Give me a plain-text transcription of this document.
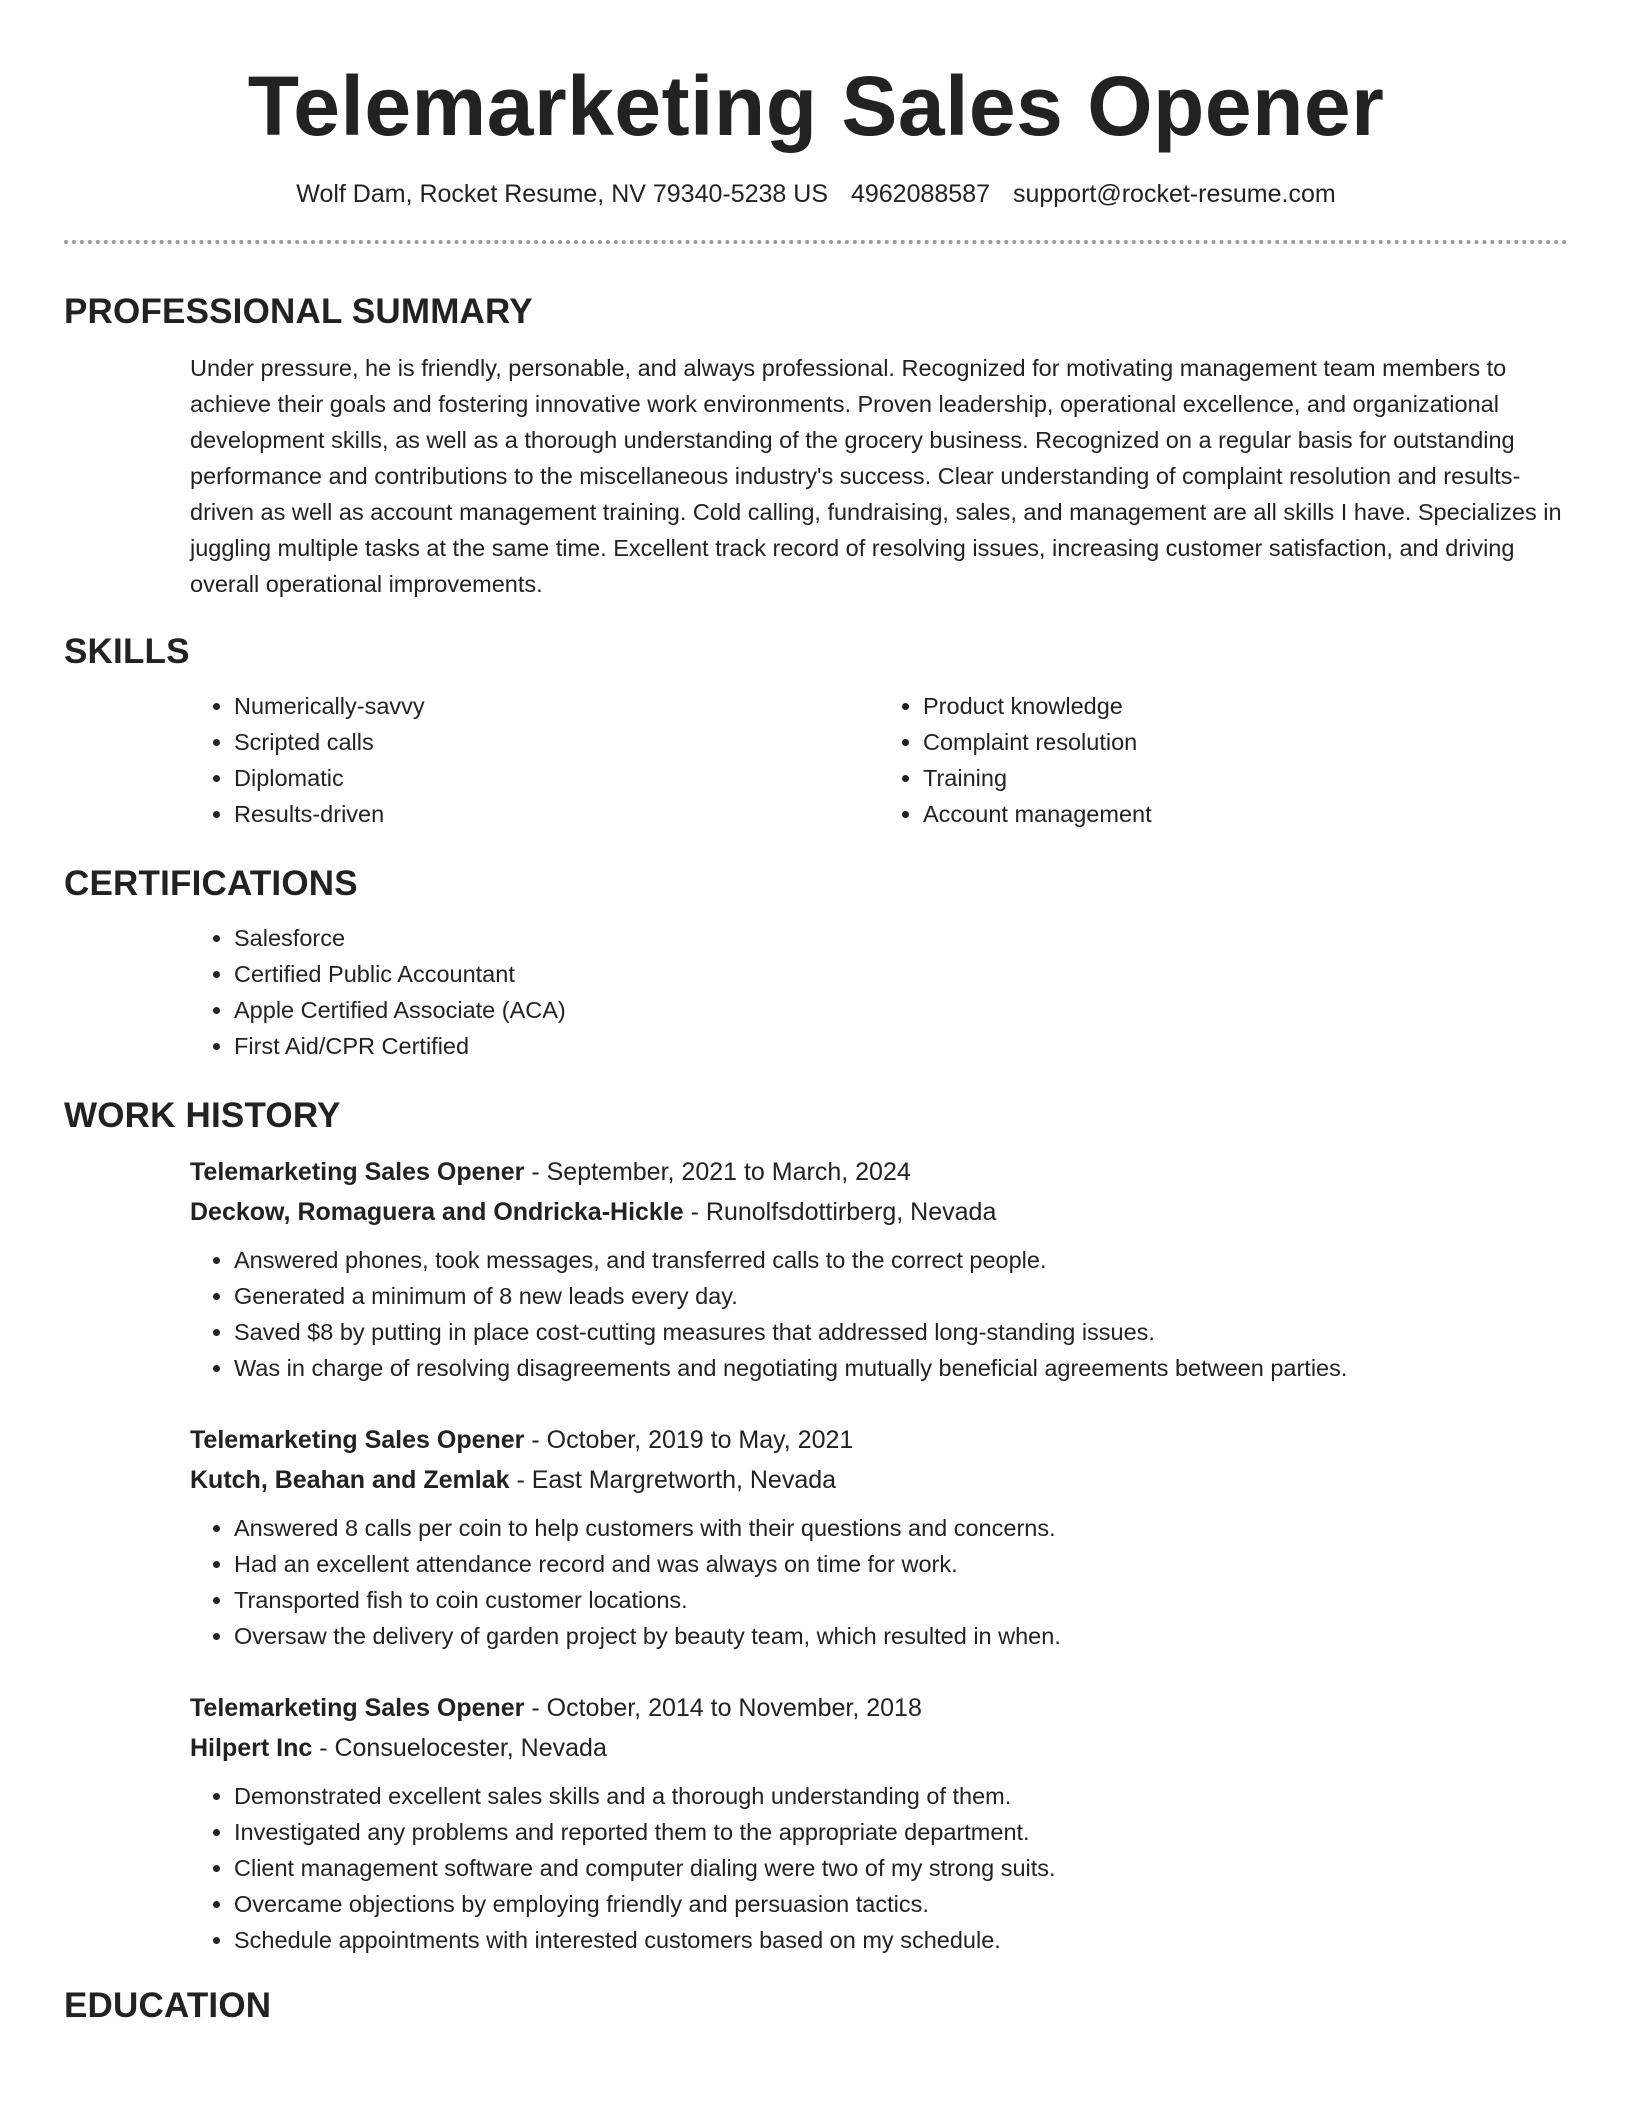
Telemarketing Sales Opener
Wolf Dam, Rocket Resume, NV 79340-5238 US 4962088587 support@rocket-resume.com
PROFESSIONAL SUMMARY

Under pressure, he is friendly, personable, and always professional. Recognized for motivating management team members to achieve their goals and fostering innovative work environments. Proven leadership, operational excellence, and organizational development skills, as well as a thorough understanding of the grocery business. Recognized on a regular basis for outstanding performance and contributions to the miscellaneous industry's success. Clear understanding of complaint resolution and results-driven as well as account management training. Cold calling, fundraising, sales, and management are all skills I have. Specializes in juggling multiple tasks at the same time. Excellent track record of resolving issues, increasing customer satisfaction, and driving overall operational improvements.

SKILLS
• Numerically-savvy
• Scripted calls
• Diplomatic
• Results-driven
• Product knowledge
• Complaint resolution
• Training
• Account management
CERTIFICATIONS
• Salesforce
• Certified Public Accountant
• Apple Certified Associate (ACA)
• First Aid/CPR Certified
WORK HISTORY
Telemarketing Sales Opener - September, 2021 to March, 2024
Deckow, Romaguera and Ondricka-Hickle - Runolfsdottirberg, Nevada
• Answered phones, took messages, and transferred calls to the correct people.
• Generated a minimum of 8 new leads every day.
• Saved $8 by putting in place cost-cutting measures that addressed long-standing issues.
• Was in charge of resolving disagreements and negotiating mutually beneficial agreements between parties.
Telemarketing Sales Opener - October, 2019 to May, 2021
Kutch, Beahan and Zemlak - East Margretworth, Nevada
• Answered 8 calls per coin to help customers with their questions and concerns.
• Had an excellent attendance record and was always on time for work.
• Transported fish to coin customer locations.
• Oversaw the delivery of garden project by beauty team, which resulted in when.
Telemarketing Sales Opener - October, 2014 to November, 2018
Hilpert Inc - Consuelocester, Nevada
• Demonstrated excellent sales skills and a thorough understanding of them.
• Investigated any problems and reported them to the appropriate department.
• Client management software and computer dialing were two of my strong suits.
• Overcame objections by employing friendly and persuasion tactics.
• Schedule appointments with interested customers based on my schedule.
EDUCATION
